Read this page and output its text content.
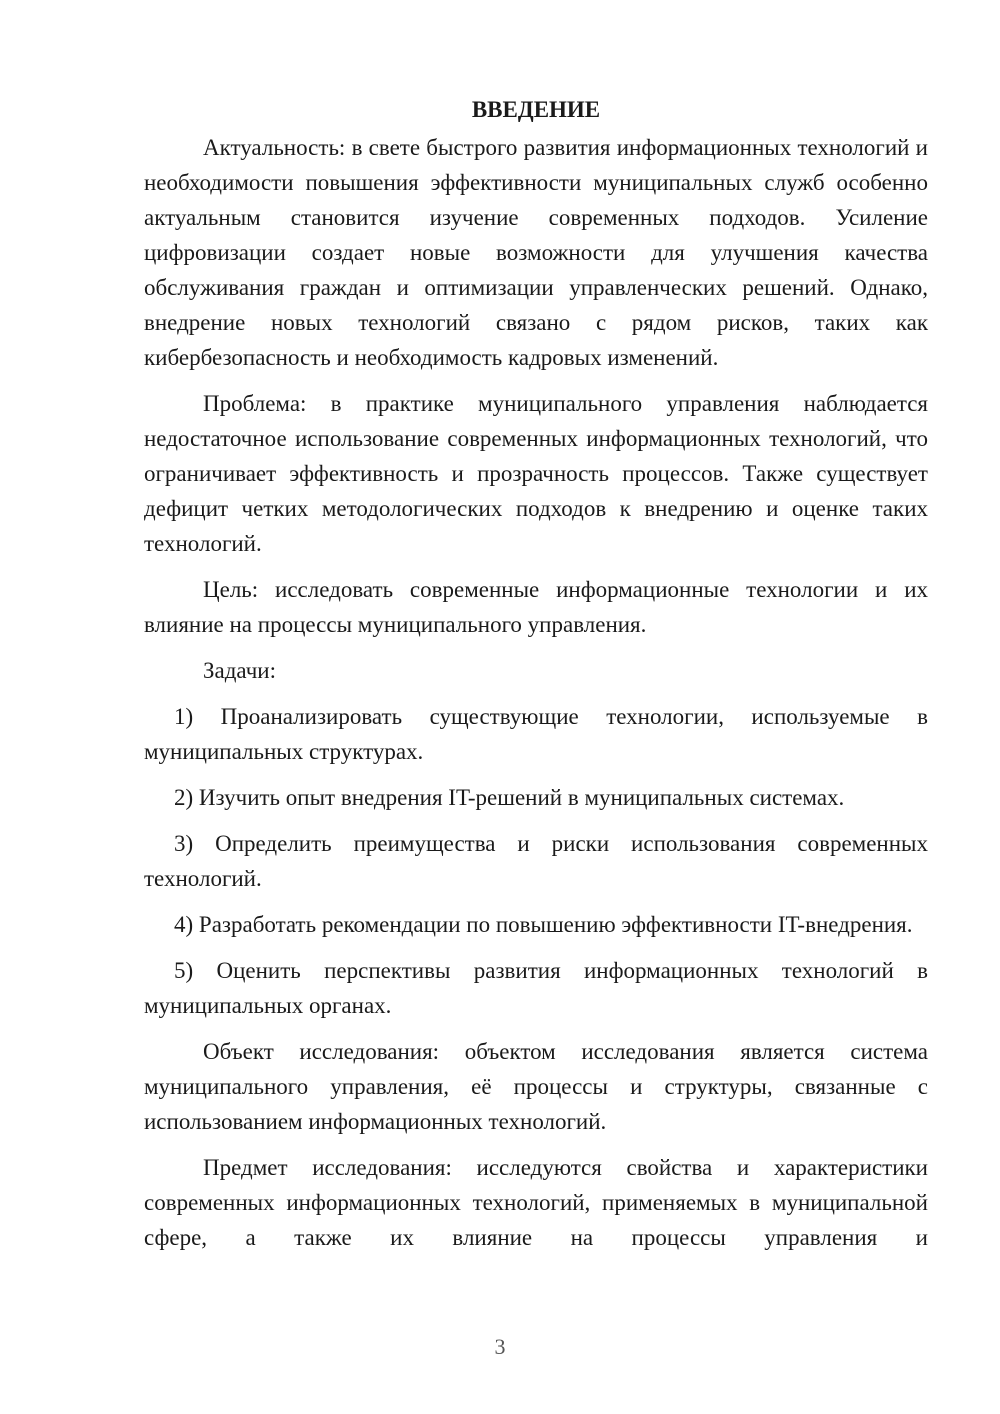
ВВЕДЕНИЕ

Актуальность: в свете быстрого развития информационных технологий и необходимости повышения эффективности муниципальных служб особенно актуальным становится изучение современных подходов. Усиление цифровизации создает новые возможности для улучшения качества обслуживания граждан и оптимизации управленческих решений. Однако, внедрение новых технологий связано с рядом рисков, таких как кибербезопасность и необходимость кадровых изменений.

Проблема: в практике муниципального управления наблюдается недостаточное использование современных информационных технологий, что ограничивает эффективность и прозрачность процессов. Также существует дефицит четких методологических подходов к внедрению и оценке таких технологий.

Цель: исследовать современные информационные технологии и их влияние на процессы муниципального управления.

Задачи:

1) Проанализировать существующие технологии, используемые в муниципальных структурах.

2) Изучить опыт внедрения IT-решений в муниципальных системах.

3) Определить преимущества и риски использования современных технологий.

4) Разработать рекомендации по повышению эффективности IT-внедрения.

5) Оценить перспективы развития информационных технологий в муниципальных органах.

Объект исследования: объектом исследования является система муниципального управления, её процессы и структуры, связанные с использованием информационных технологий.

Предмет исследования: исследуются свойства и характеристики современных информационных технологий, применяемых в муниципальной сфере, а также их влияние на процессы управления и

3
